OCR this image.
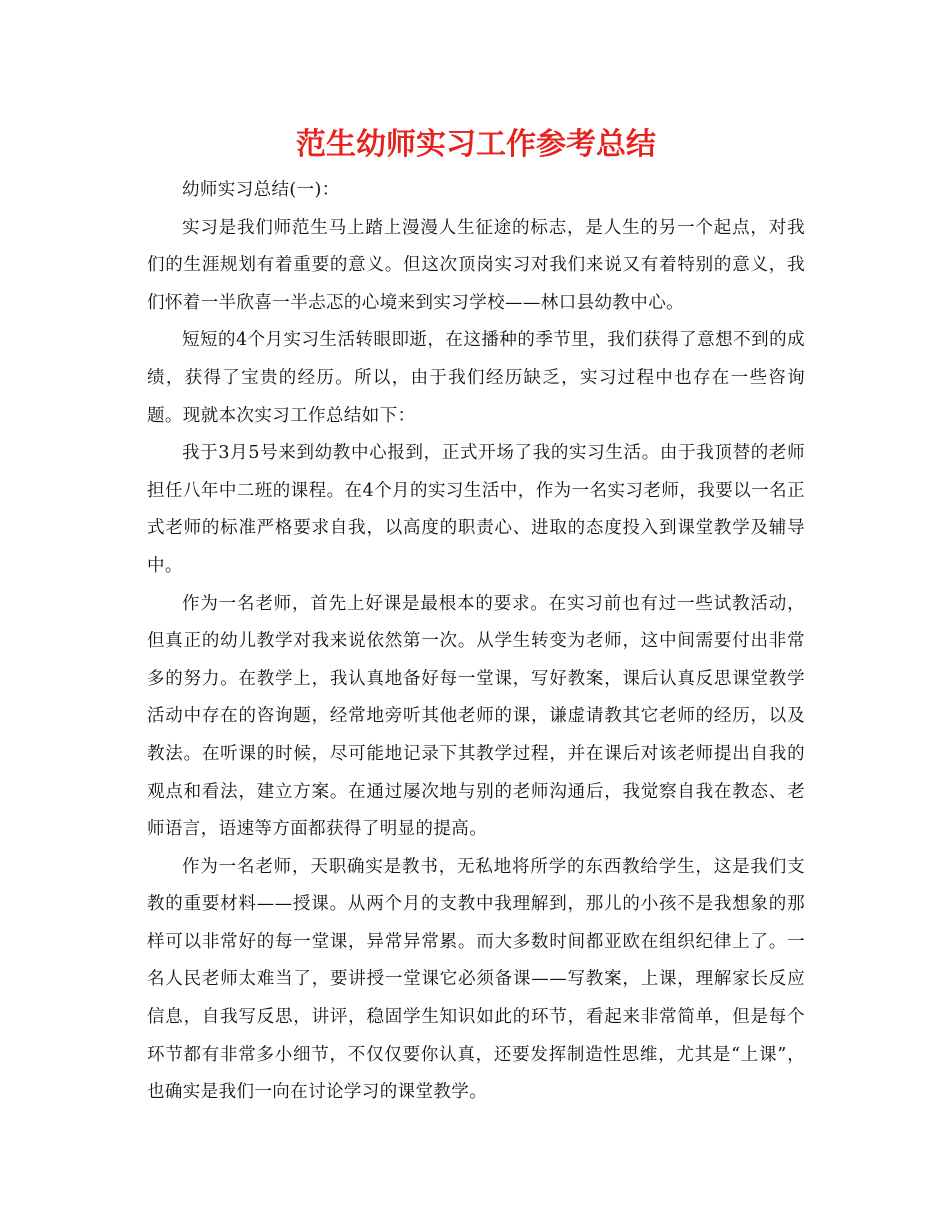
范生幼师实习工作参考总结

幼师实习总结(一)：

实习是我们师范生马上踏上漫漫人生征途的标志，是人生的另一个起点，对我们的生涯规划有着重要的意义。但这次顶岗实习对我们来说又有着特别的意义，我们怀着一半欣喜一半忐忑的心境来到实习学校——林口县幼教中心。

短短的4个月实习生活转眼即逝，在这播种的季节里，我们获得了意想不到的成绩，获得了宝贵的经历。所以，由于我们经历缺乏，实习过程中也存在一些咨询题。现就本次实习工作总结如下：

我于3月5号来到幼教中心报到，正式开场了我的实习生活。由于我顶替的老师担任八年中二班的课程。在4个月的实习生活中，作为一名实习老师，我要以一名正式老师的标准严格要求自我，以高度的职责心、进取的态度投入到课堂教学及辅导中。

作为一名老师，首先上好课是最根本的要求。在实习前也有过一些试教活动，但真正的幼儿教学对我来说依然第一次。从学生转变为老师，这中间需要付出非常多的努力。在教学上，我认真地备好每一堂课，写好教案，课后认真反思课堂教学活动中存在的咨询题，经常地旁听其他老师的课，谦虚请教其它老师的经历，以及教法。在听课的时候，尽可能地记录下其教学过程，并在课后对该老师提出自我的观点和看法，建立方案。在通过屡次地与别的老师沟通后，我觉察自我在教态、老师语言，语速等方面都获得了明显的提高。

作为一名老师，天职确实是教书，无私地将所学的东西教给学生，这是我们支教的重要材料——授课。从两个月的支教中我理解到，那儿的小孩不是我想象的那样可以非常好的每一堂课，异常异常累。而大多数时间都亚欧在组织纪律上了。一名人民老师太难当了，要讲授一堂课它必须备课——写教案，上课，理解家长反应信息，自我写反思，讲评，稳固学生知识如此的环节，看起来非常简单，但是每个环节都有非常多小细节，不仅仅要你认真，还要发挥制造性思维，尤其是“上课”，也确实是我们一向在讨论学习的课堂教学。
